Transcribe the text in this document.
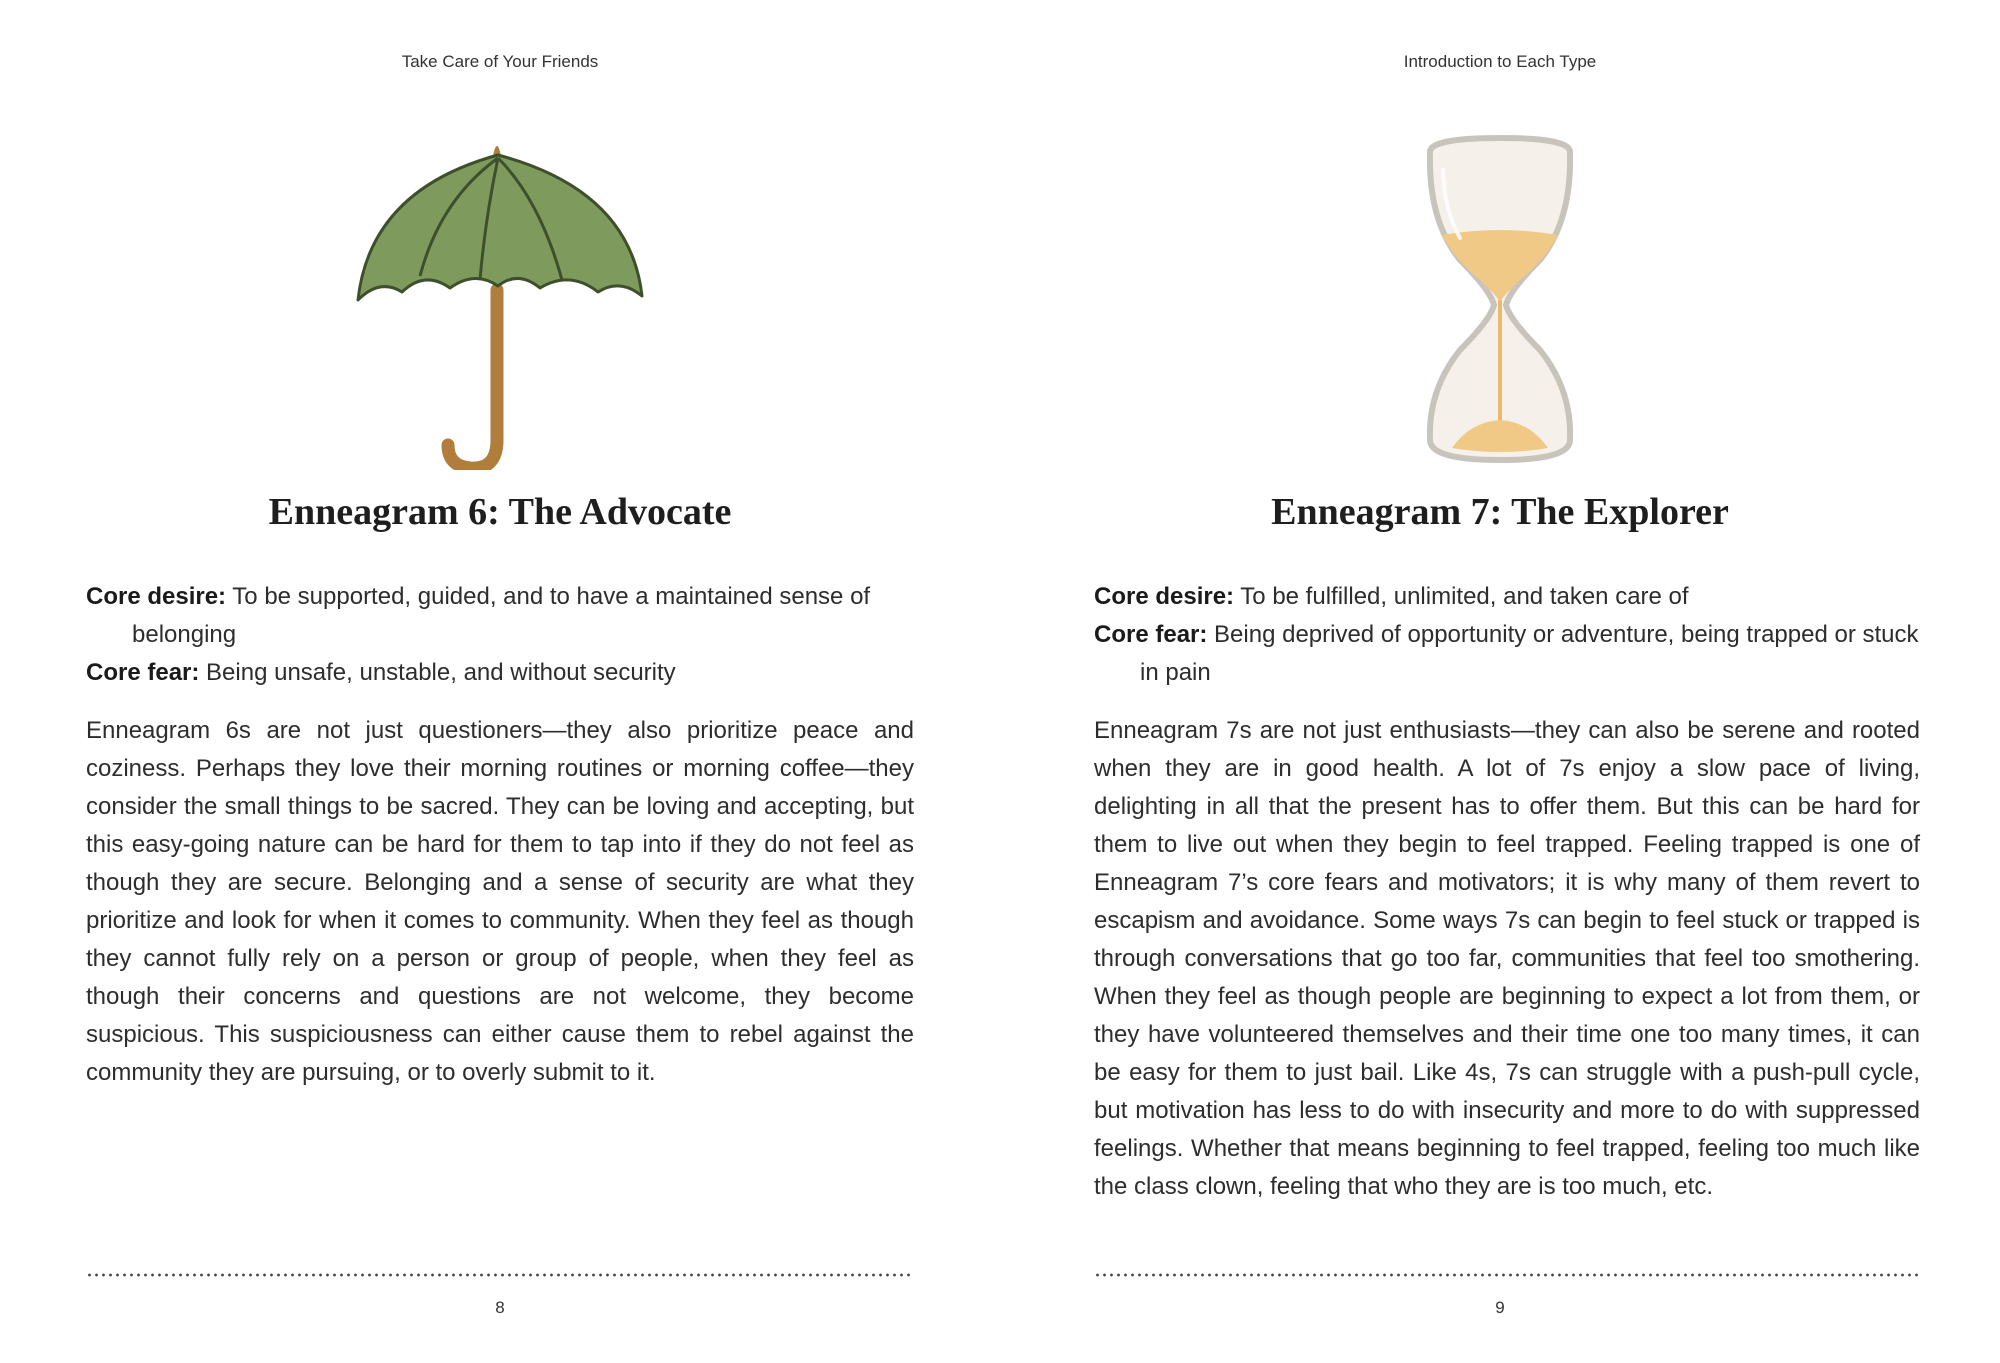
Take Care of Your Friends
Enneagram 6: The Advocate

Core desire: To be supported, guided, and to have a maintained sense of belonging

Core fear: Being unsafe, unstable, and without security

Enneagram 6s are not just questioners—they also prioritize peace and coziness. Perhaps they love their morning routines or morning coffee—they consider the small things to be sacred. They can be loving and accepting, but this easy-going nature can be hard for them to tap into if they do not feel as though they are secure. Belonging and a sense of security are what they prioritize and look for when it comes to community. When they feel as though they cannot fully rely on a person or group of people, when they feel as though their concerns and questions are not welcome, they become suspicious. This suspiciousness can either cause them to rebel against the community they are pursuing, or to overly submit to it.

8
Introduction to Each Type
Enneagram 7: The Explorer

Core desire: To be fulfilled, unlimited, and taken care of

Core fear: Being deprived of opportunity or adventure, being trapped or stuck in pain

Enneagram 7s are not just enthusiasts—they can also be serene and rooted when they are in good health. A lot of 7s enjoy a slow pace of living, delighting in all that the present has to offer them. But this can be hard for them to live out when they begin to feel trapped. Feeling trapped is one of Enneagram 7’s core fears and motivators; it is why many of them revert to escapism and avoidance. Some ways 7s can begin to feel stuck or trapped is through conversations that go too far, communities that feel too smothering. When they feel as though people are beginning to expect a lot from them, or they have volunteered themselves and their time one too many times, it can be easy for them to just bail. Like 4s, 7s can struggle with a push-pull cycle, but motivation has less to do with insecurity and more to do with suppressed feelings. Whether that means beginning to feel trapped, feeling too much like the class clown, feeling that who they are is too much, etc.

9
